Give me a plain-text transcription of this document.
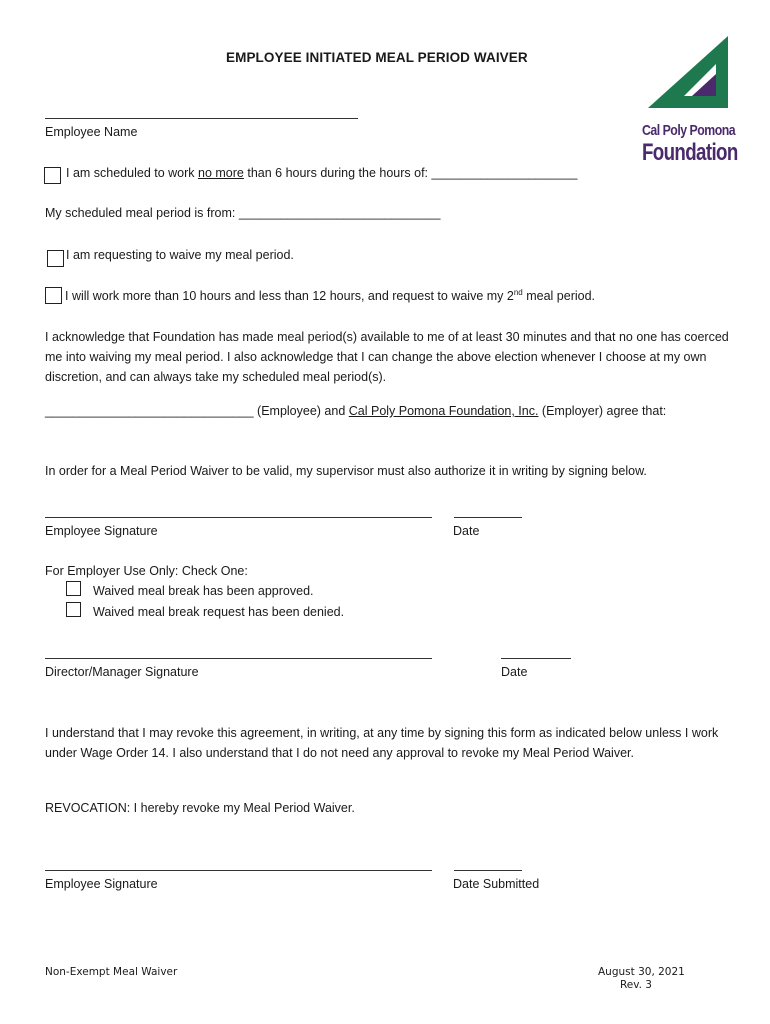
EMPLOYEE INITIATED MEAL PERIOD WAIVER
Cal Poly Pomona
Foundation
Employee Name
I am scheduled to work no more than 6 hours during the hours of: _____________________
My scheduled meal period is from: _____________________________
I am requesting to waive my meal period.
I will work more than 10 hours and less than 12 hours, and request to waive my 2nd meal period.
I acknowledge that Foundation has made meal period(s) available to me of at least 30 minutes and that no one has coerced me into waiving my meal period. I also acknowledge that I can change the above election whenever I choose at my own discretion, and can always take my scheduled meal period(s).
______________________________ (Employee) and Cal Poly Pomona Foundation, Inc. (Employer) agree that:
In order for a Meal Period Waiver to be valid, my supervisor must also authorize it in writing by signing below.
Employee Signature	Date
For Employer Use Only: Check One:
Waived meal break has been approved.
Waived meal break request has been denied.
Director/Manager Signature	Date
I understand that I may revoke this agreement, in writing, at any time by signing this form as indicated below unless I work under Wage Order 14. I also understand that I do not need any approval to revoke my Meal Period Waiver.
REVOCATION: I hereby revoke my Meal Period Waiver.
Employee Signature	Date Submitted
Non-Exempt Meal Waiver	August 30, 2021
Rev. 3
